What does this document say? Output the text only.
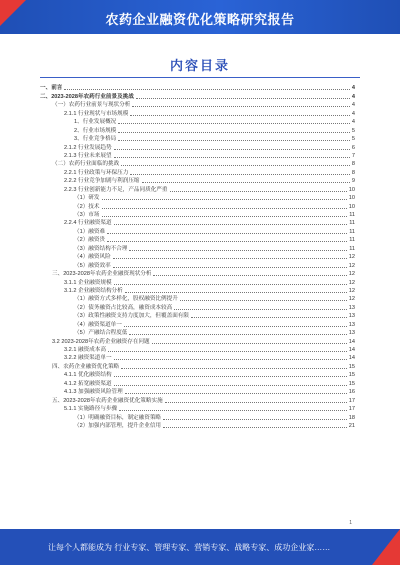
农药企业融资优化策略研究报告
内容目录
一、前言	4
二、2023-2028年农药行业前景及挑战	4
（一）农药行业前景与现状分析	4
2.1.1 行业现状与市场规模	4
1、行业发展概况	4
2、行业市场规模	5
3、行业竞争格局	5
2.1.2 行业发展趋势	6
2.1.3 行业未来展望	7
（二）农药行业面临的挑战	8
2.2.1 行业政策与环保压力	8
2.2.2 行业竞争加剧与利润压缩	9
2.2.3 行业创新能力不足，产品同质化严重	10
（1）研发	10
（2）技术	10
（3）市场	11
2.2.4 行业融资渠道	11
（1）融资难	11
（2）融资贵	11
（3）融资结构不合理	11
（4）融资风险	12
（5）融资效率	12
三、2023-2028年农药企业融资现状分析	12
3.1.1 企业融资规模	12
3.1.2 企业融资结构分析	12
（1）融资方式多样化，股权融资比例提升	12
（2）债务融资占比较高，融资成本较高	13
（3）政策性融资支持力度加大，但覆盖面有限	13
（4）融资渠道单一	13
（5）产融结合程度低	13
3.2 2023-2028年农药企业融资存在问题	14
3.2.1 融资成本高	14
3.2.2 融资渠道单一	14
四、农药企业融资优化策略	15
4.1.1 优化融资结构	15
4.1.2 拓宽融资渠道	15
4.1.3 加强融资风险管理	16
五、2023-2028年农药企业融资优化策略实施	17
5.1.1 实施路径与步骤	17
（1）明确融资目标，制定融资策略	18
（2）加强内部管理，提升企业信用	21
1
让每个人都能成为 行业专家、管理专家、营销专家、战略专家、成功企业家……
